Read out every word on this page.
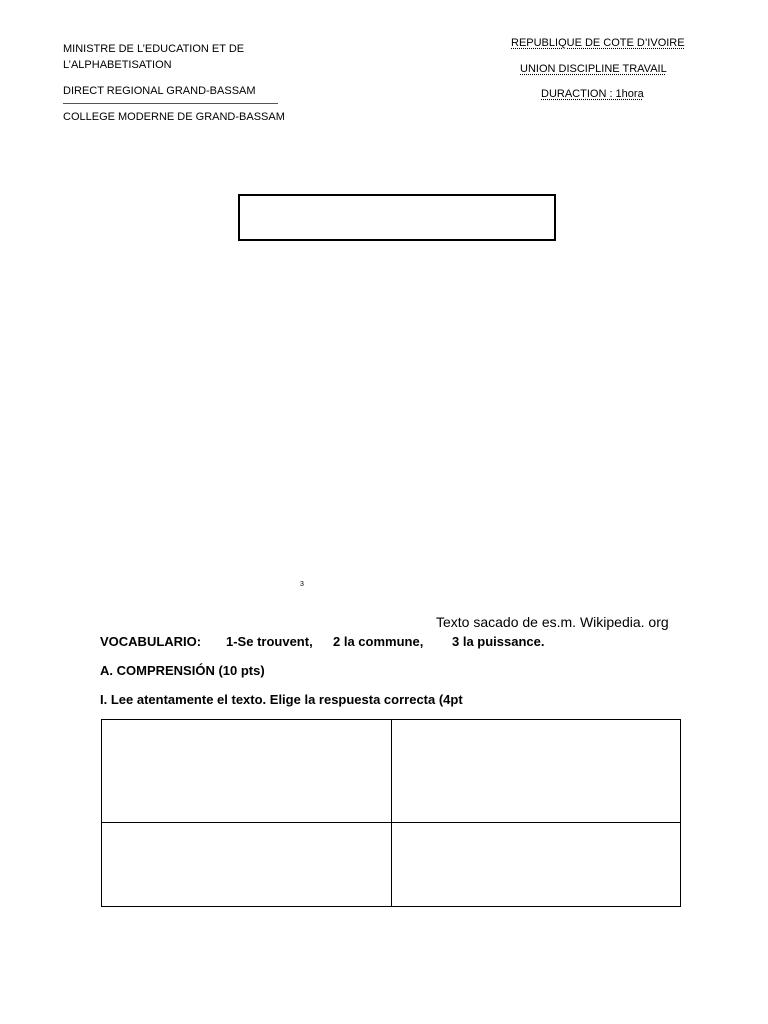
MINISTRE DE L’EDUCATION ET DE
L’ALPHABETISATION
DIRECT REGIONAL GRAND-BASSAM
COLLEGE MODERNE DE GRAND-BASSAM
REPUBLIQUE DE COTE D’IVOIRE
UNION DISCIPLINE TRAVAIL
DURACTION : 1hora
3
Texto sacado de es.m. Wikipedia. org
VOCABULARIO: 1-Se trouvent, 2 la commune, 3 la puissance.
A. COMPRENSIÓN (10 pts)
I. Lee atentamente el texto. Elige la respuesta correcta (4pt
